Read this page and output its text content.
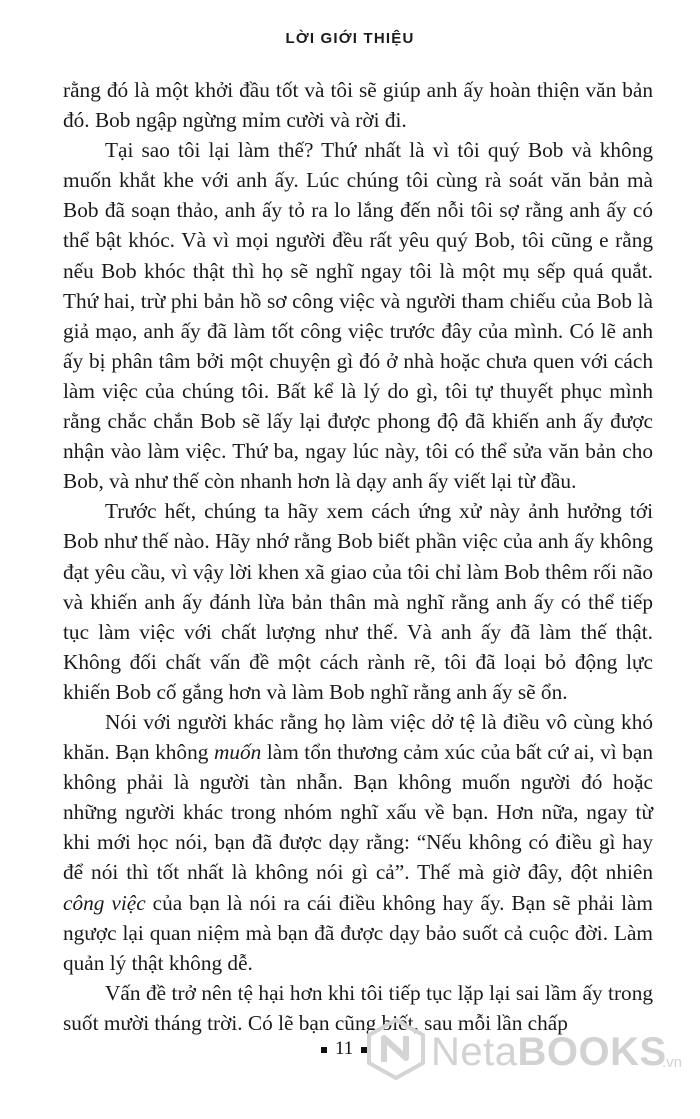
LỜI GIỚI THIỆU

rằng đó là một khởi đầu tốt và tôi sẽ giúp anh ấy hoàn thiện văn bản đó. Bob ngập ngừng mỉm cười và rời đi.

Tại sao tôi lại làm thế? Thứ nhất là vì tôi quý Bob và không muốn khắt khe với anh ấy. Lúc chúng tôi cùng rà soát văn bản mà Bob đã soạn thảo, anh ấy tỏ ra lo lắng đến nỗi tôi sợ rằng anh ấy có thể bật khóc. Và vì mọi người đều rất yêu quý Bob, tôi cũng e rằng nếu Bob khóc thật thì họ sẽ nghĩ ngay tôi là một mụ sếp quá quắt. Thứ hai, trừ phi bản hồ sơ công việc và người tham chiếu của Bob là giả mạo, anh ấy đã làm tốt công việc trước đây của mình. Có lẽ anh ấy bị phân tâm bởi một chuyện gì đó ở nhà hoặc chưa quen với cách làm việc của chúng tôi. Bất kể là lý do gì, tôi tự thuyết phục mình rằng chắc chắn Bob sẽ lấy lại được phong độ đã khiến anh ấy được nhận vào làm việc. Thứ ba, ngay lúc này, tôi có thể sửa văn bản cho Bob, và như thế còn nhanh hơn là dạy anh ấy viết lại từ đầu.

Trước hết, chúng ta hãy xem cách ứng xử này ảnh hưởng tới Bob như thế nào. Hãy nhớ rằng Bob biết phần việc của anh ấy không đạt yêu cầu, vì vậy lời khen xã giao của tôi chỉ làm Bob thêm rối não và khiến anh ấy đánh lừa bản thân mà nghĩ rằng anh ấy có thể tiếp tục làm việc với chất lượng như thế. Và anh ấy đã làm thế thật. Không đối chất vấn đề một cách rành rẽ, tôi đã loại bỏ động lực khiến Bob cố gắng hơn và làm Bob nghĩ rằng anh ấy sẽ ổn.

Nói với người khác rằng họ làm việc dở tệ là điều vô cùng khó khăn. Bạn không muốn làm tổn thương cảm xúc của bất cứ ai, vì bạn không phải là người tàn nhẫn. Bạn không muốn người đó hoặc những người khác trong nhóm nghĩ xấu về bạn. Hơn nữa, ngay từ khi mới học nói, bạn đã được dạy rằng: “Nếu không có điều gì hay để nói thì tốt nhất là không nói gì cả”. Thế mà giờ đây, đột nhiên công việc của bạn là nói ra cái điều không hay ấy. Bạn sẽ phải làm ngược lại quan niệm mà bạn đã được dạy bảo suốt cả cuộc đời. Làm quản lý thật không dễ.

Vấn đề trở nên tệ hại hơn khi tôi tiếp tục lặp lại sai lầm ấy trong suốt mười tháng trời. Có lẽ bạn cũng biết, sau mỗi lần chấp

11	NetaBOOKS
.vn
